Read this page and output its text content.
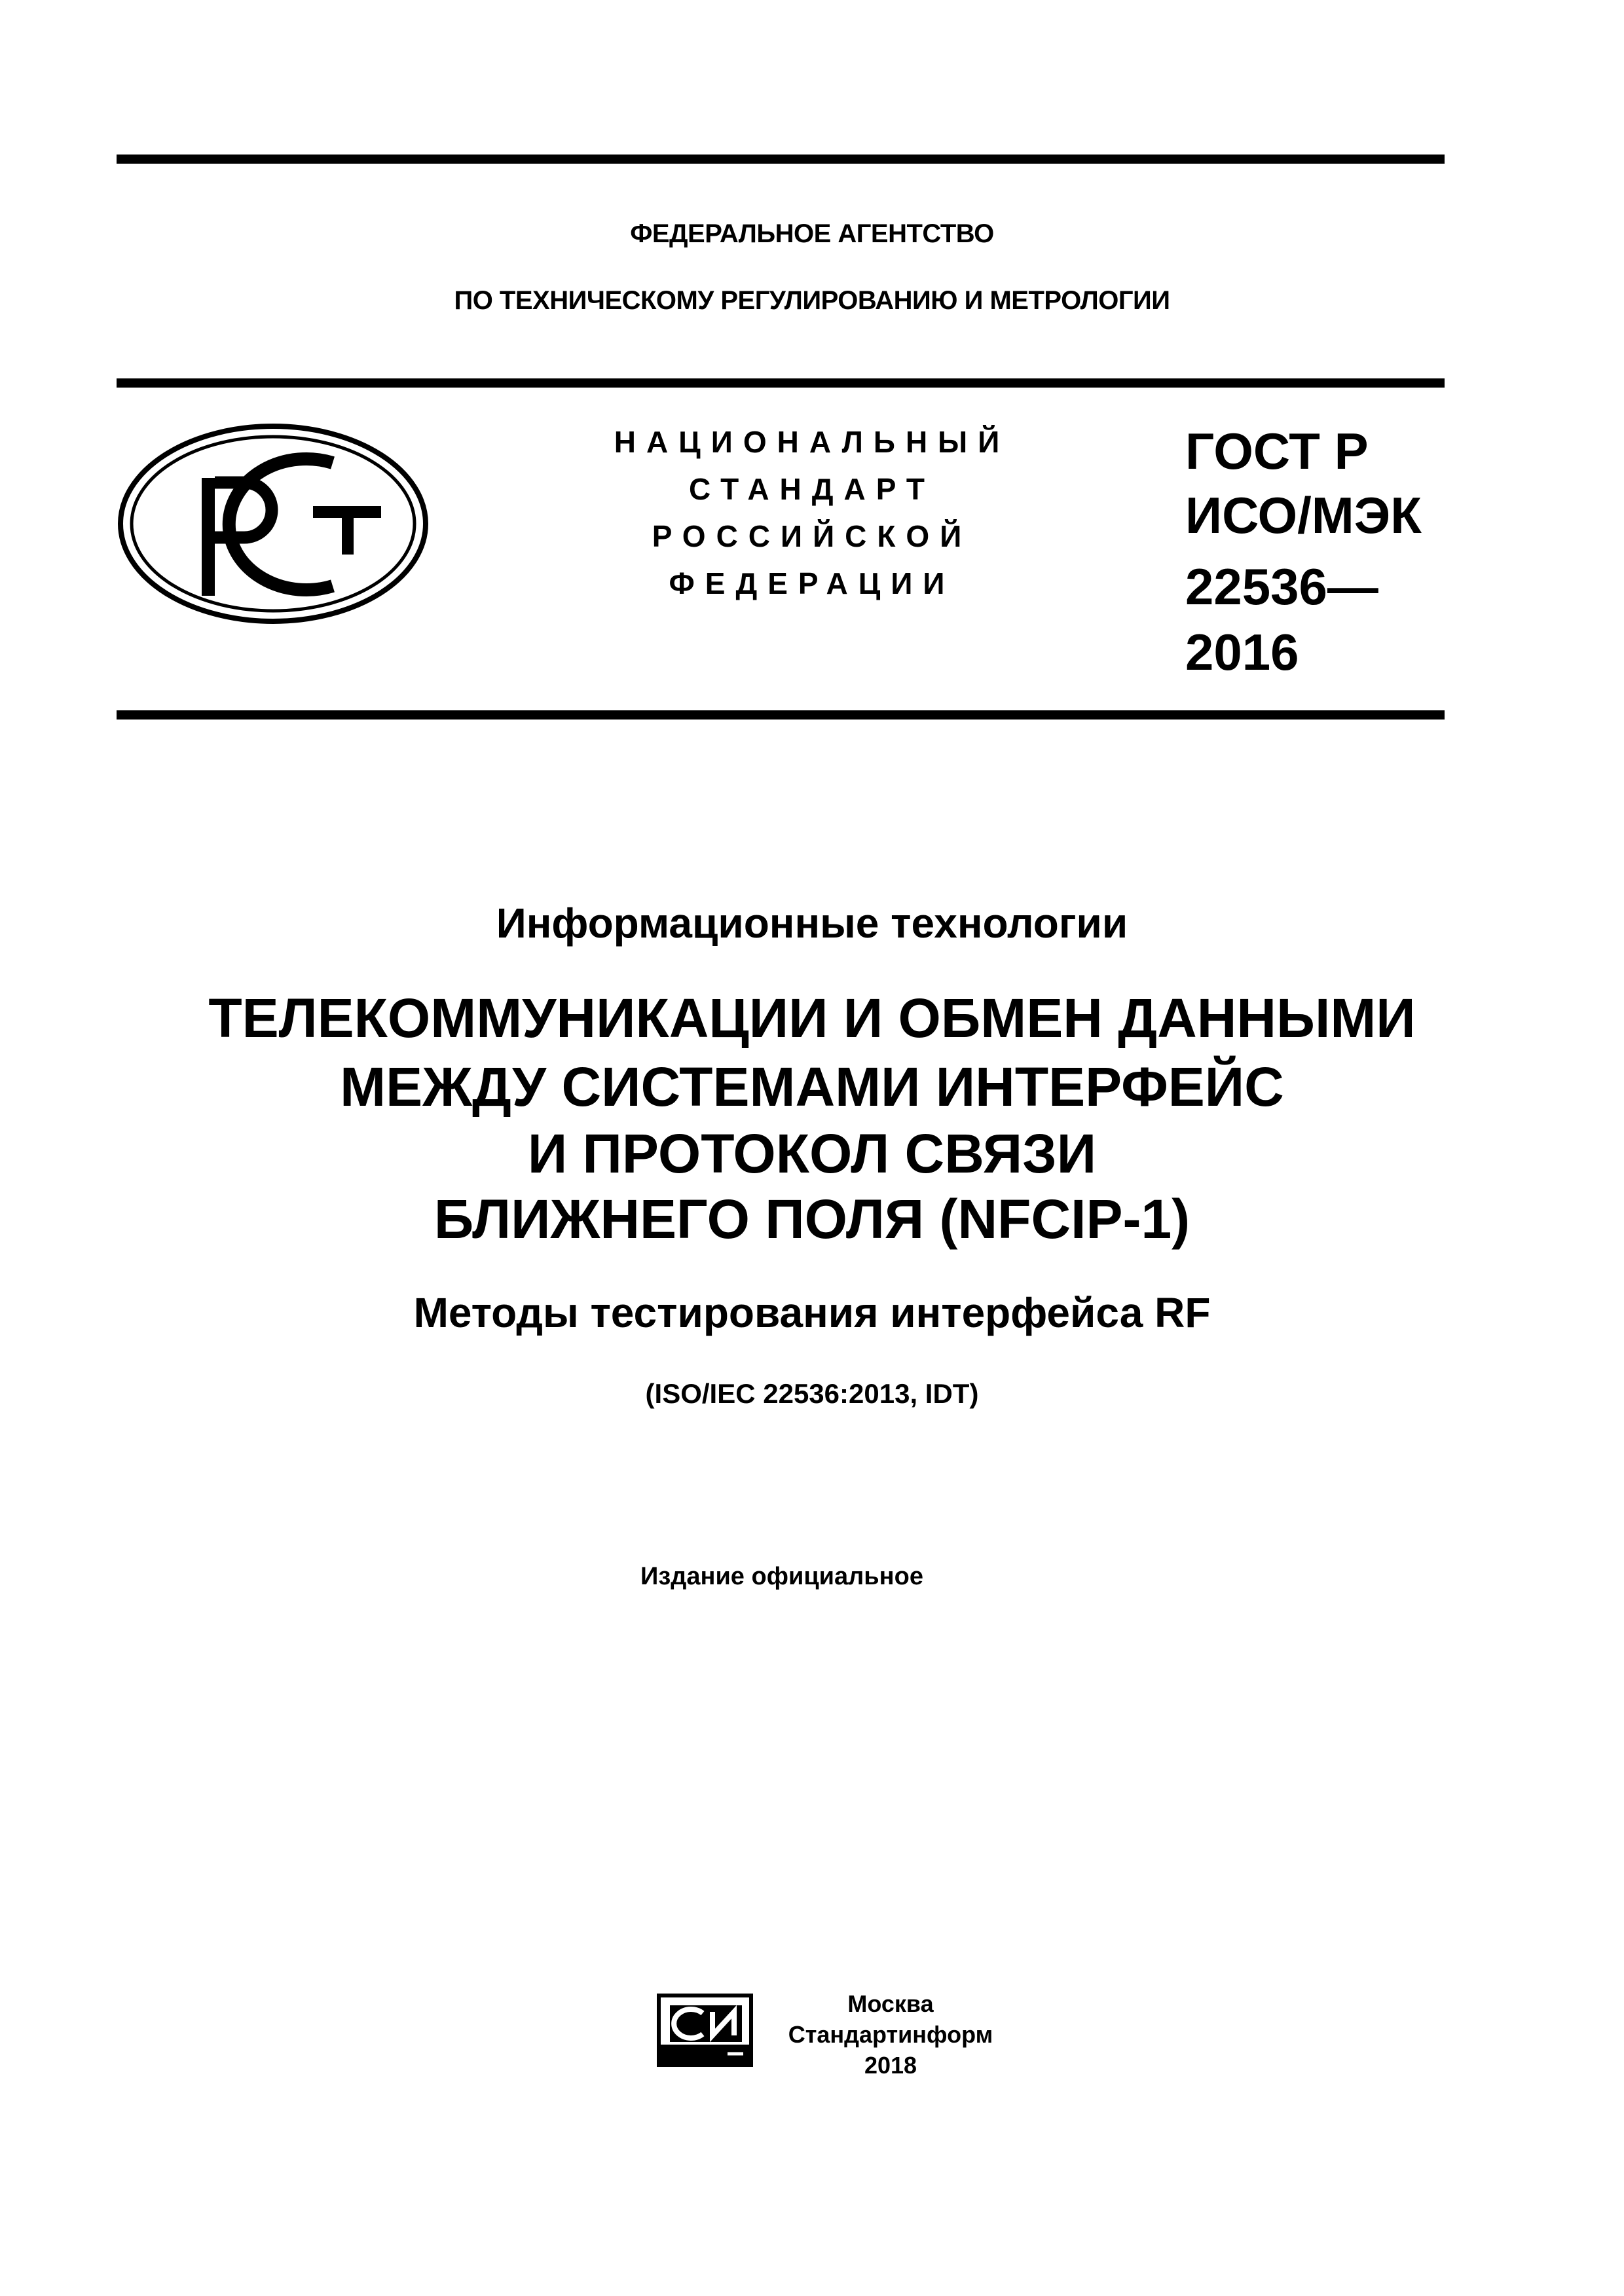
ФЕДЕРАЛЬНОЕ АГЕНТСТВО
ПО ТЕХНИЧЕСКОМУ РЕГУЛИРОВАНИЮ И МЕТРОЛОГИИ
РСТ
НАЦИОНАЛЬНЫЙ
СТАНДАРТ
РОССИЙСКОЙ
ФЕДЕРАЦИИ
ГОСТ Р
ИСО/МЭК
22536—
2016
Информационные технологии
ТЕЛЕКОММУНИКАЦИИ И ОБМЕН ДАННЫМИ
МЕЖДУ СИСТЕМАМИ ИНТЕРФЕЙС
И ПРОТОКОЛ СВЯЗИ
БЛИЖНЕГО ПОЛЯ (NFCIP-1)
Методы тестирования интерфейса RF
(ISO/IEC 22536:2013, IDT)
Издание официальное
СИ	Москва
Стандартинформ
2018
